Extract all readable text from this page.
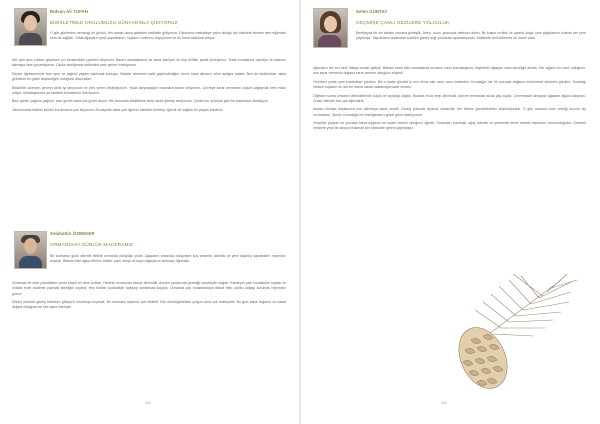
Rıdvan Ali TUFAN
BİSİKLETİMLE OKULUMUZU GÜNAYDINLA ÇIKIYORUZ

O gün günlerden herhangi bir gündü. Her sabah okula giderken bisikletle gidiyorum. Okulumuz mahalleye yakın olduğu için bisiklete binmek hem eğlenceli hem de sağlıklı. Yolda ağaçların yeşil yapraklarını, kuşların cıvıltısını duyuyorum ve bu bana mutluluk veriyor.

Her gün aynı yoldan geçerken yol kenarındaki çiçekleri izliyorum. Bazen arkadaşlarım da bana katılıyor ve hep birlikte pedal çeviriyoruz. Trafik kurallarına uymaya ve kaskımı takmaya özen gösteriyorum. Okula vardığımda bisikletimi park yerine bırakıyorum.

Derste öğretmenimiz bize spor ve sağlıklı yaşam hakkında konuştu. Bisiklet sürmenin kalbi güçlendirdiğini, temiz hava almanın zihni açtığını anlattı. Ben de bisikletimle okula gelmenin en güzel alışkanlığım olduğunu düşündüm.

Bisiklette sürerken çevreyi daha iyi tanıyorum ve yeni yerler keşfediyorum. Yolda karşılaştığım insanlara selam veriyorum. Çevreye zarar vermeden ulaşım sağlamak beni mutlu ediyor. Arkadaşlarıma da bisiklete binmelerini öneriyorum.

Bazı günler yağmur yağıyor, bazı günler hava çok güzel oluyor. Her durumda bisikletime binip okula gitmeyi seviyorum. Çünkü her yolculuk yeni bir maceraya dönüşüyor.

Okulumuzda bisiklet kulübü kurulmasını çok istiyorum. Bu sayede daha çok öğrenci bisiklete binmeyi öğrenir ve sağlıklı bir yaşam sürdürür.

Selahattin ÖZBEKER
ORMANDAKİ GÜNLÜK MACERAMIZ

Bir sonbahar günü ailemle birlikte ormanda yürüyüşe çıktık. Ağaçların arasında dolaşırken kuş seslerini dinledik ve yere düşmüş yaprakların hışırtısını duyduk. Babam bize ağaç türlerini anlattı; çam, meşe ve kayın ağaçlarını tanımayı öğrendik.

Ormanda bir süre yürüdükten sonra küçük bir dere bulduk. Derenin kenarında oturup dinlendik. Annem yanımızda getirdiği sandviçleri dağıttı. Kardeşim çam kozalakları topladı ve onlarla evde süsleme yapmak istediğini söyledi. Hep birlikte kozalakları toplayıp çantamıza koyduk. Ormanda çöp bırakmamaya dikkat ettik; çünkü doğayı korumak hepimizin görevi.

Dönüş yolunda güneş batarken gökyüzü turuncuya boyandı. Bu manzara hepimizi çok etkiledi. Eve döndüğümüzde yorgun ama çok mutluyduk. Bu gezi bana doğanın ne kadar değerli olduğunu bir kez daha hatırlattı.

152
Selen GÜNTAY
GEÇMİŞE ÇAMLI GEZİLERE YOLCULUK

Bembeyaz bir sis sabahı ormana gitmiştik. Derin, uzun, yumuşak nefesler aldım. Bir kuşun cıvıltısı ile uyandı doğa; çam ağaçlarının kokusu her yere yayılmıştı. Yaprakların arasından süzülen güneş ışığı yolumuzu aydınlatıyordu. Kalbimde tarif edilemez bir huzur vardı.

Ağaçların her biri birer hikâye anlatır gibiydi. Babam bana eski zamanlarda ormanın nasıl korunduğunu, köylülerin ağaçları nasıl sevdiğini anlattı. Her ağacın bir canlı olduğunu, ona zarar vermenin doğaya zarar vermek olduğunu söyledi.

Yürürken yerde çam kozalakları gördüm. Biri o kadar güzeldi ki onu elime alıp uzun uzun inceledim. Kozalağın her bir pulunda doğanın mükemmel düzenini gördüm. Kozalağı cebime koydum ve onu bir hatıra olarak saklamaya karar verdim.

Öğleden sonra ormanın derinliklerinde küçük bir açıklığa ulaştık. Burada mola verip dinlendik. Annem termostan sıcak çay koydu. Çevremizde sincaplar ağaçtan ağaca atlıyordu. Onları izlemek bizi çok eğlendirdi.

Akşam olmaya başlayınca eve dönmeye karar verdik. Dönüş yolunda hepimiz sessizdik; her birimiz gördüklerimizi düşünüyorduk. O gün ormanın bize verdiği huzuru hiç unutmadım. Şimdi o kozalağa her baktığımda o güzel günü hatırlıyorum.

Geçmişe yapılan bu yolculuk bana doğanın ne kadar önemli olduğunu öğretti. Ormanları korumak, ağaç dikmek ve çevremizi temiz tutmak hepimizin sorumluluğudur. Gelecek nesillere yeşil bir dünya bırakmak için elimizden geleni yapmalıyız.

153
